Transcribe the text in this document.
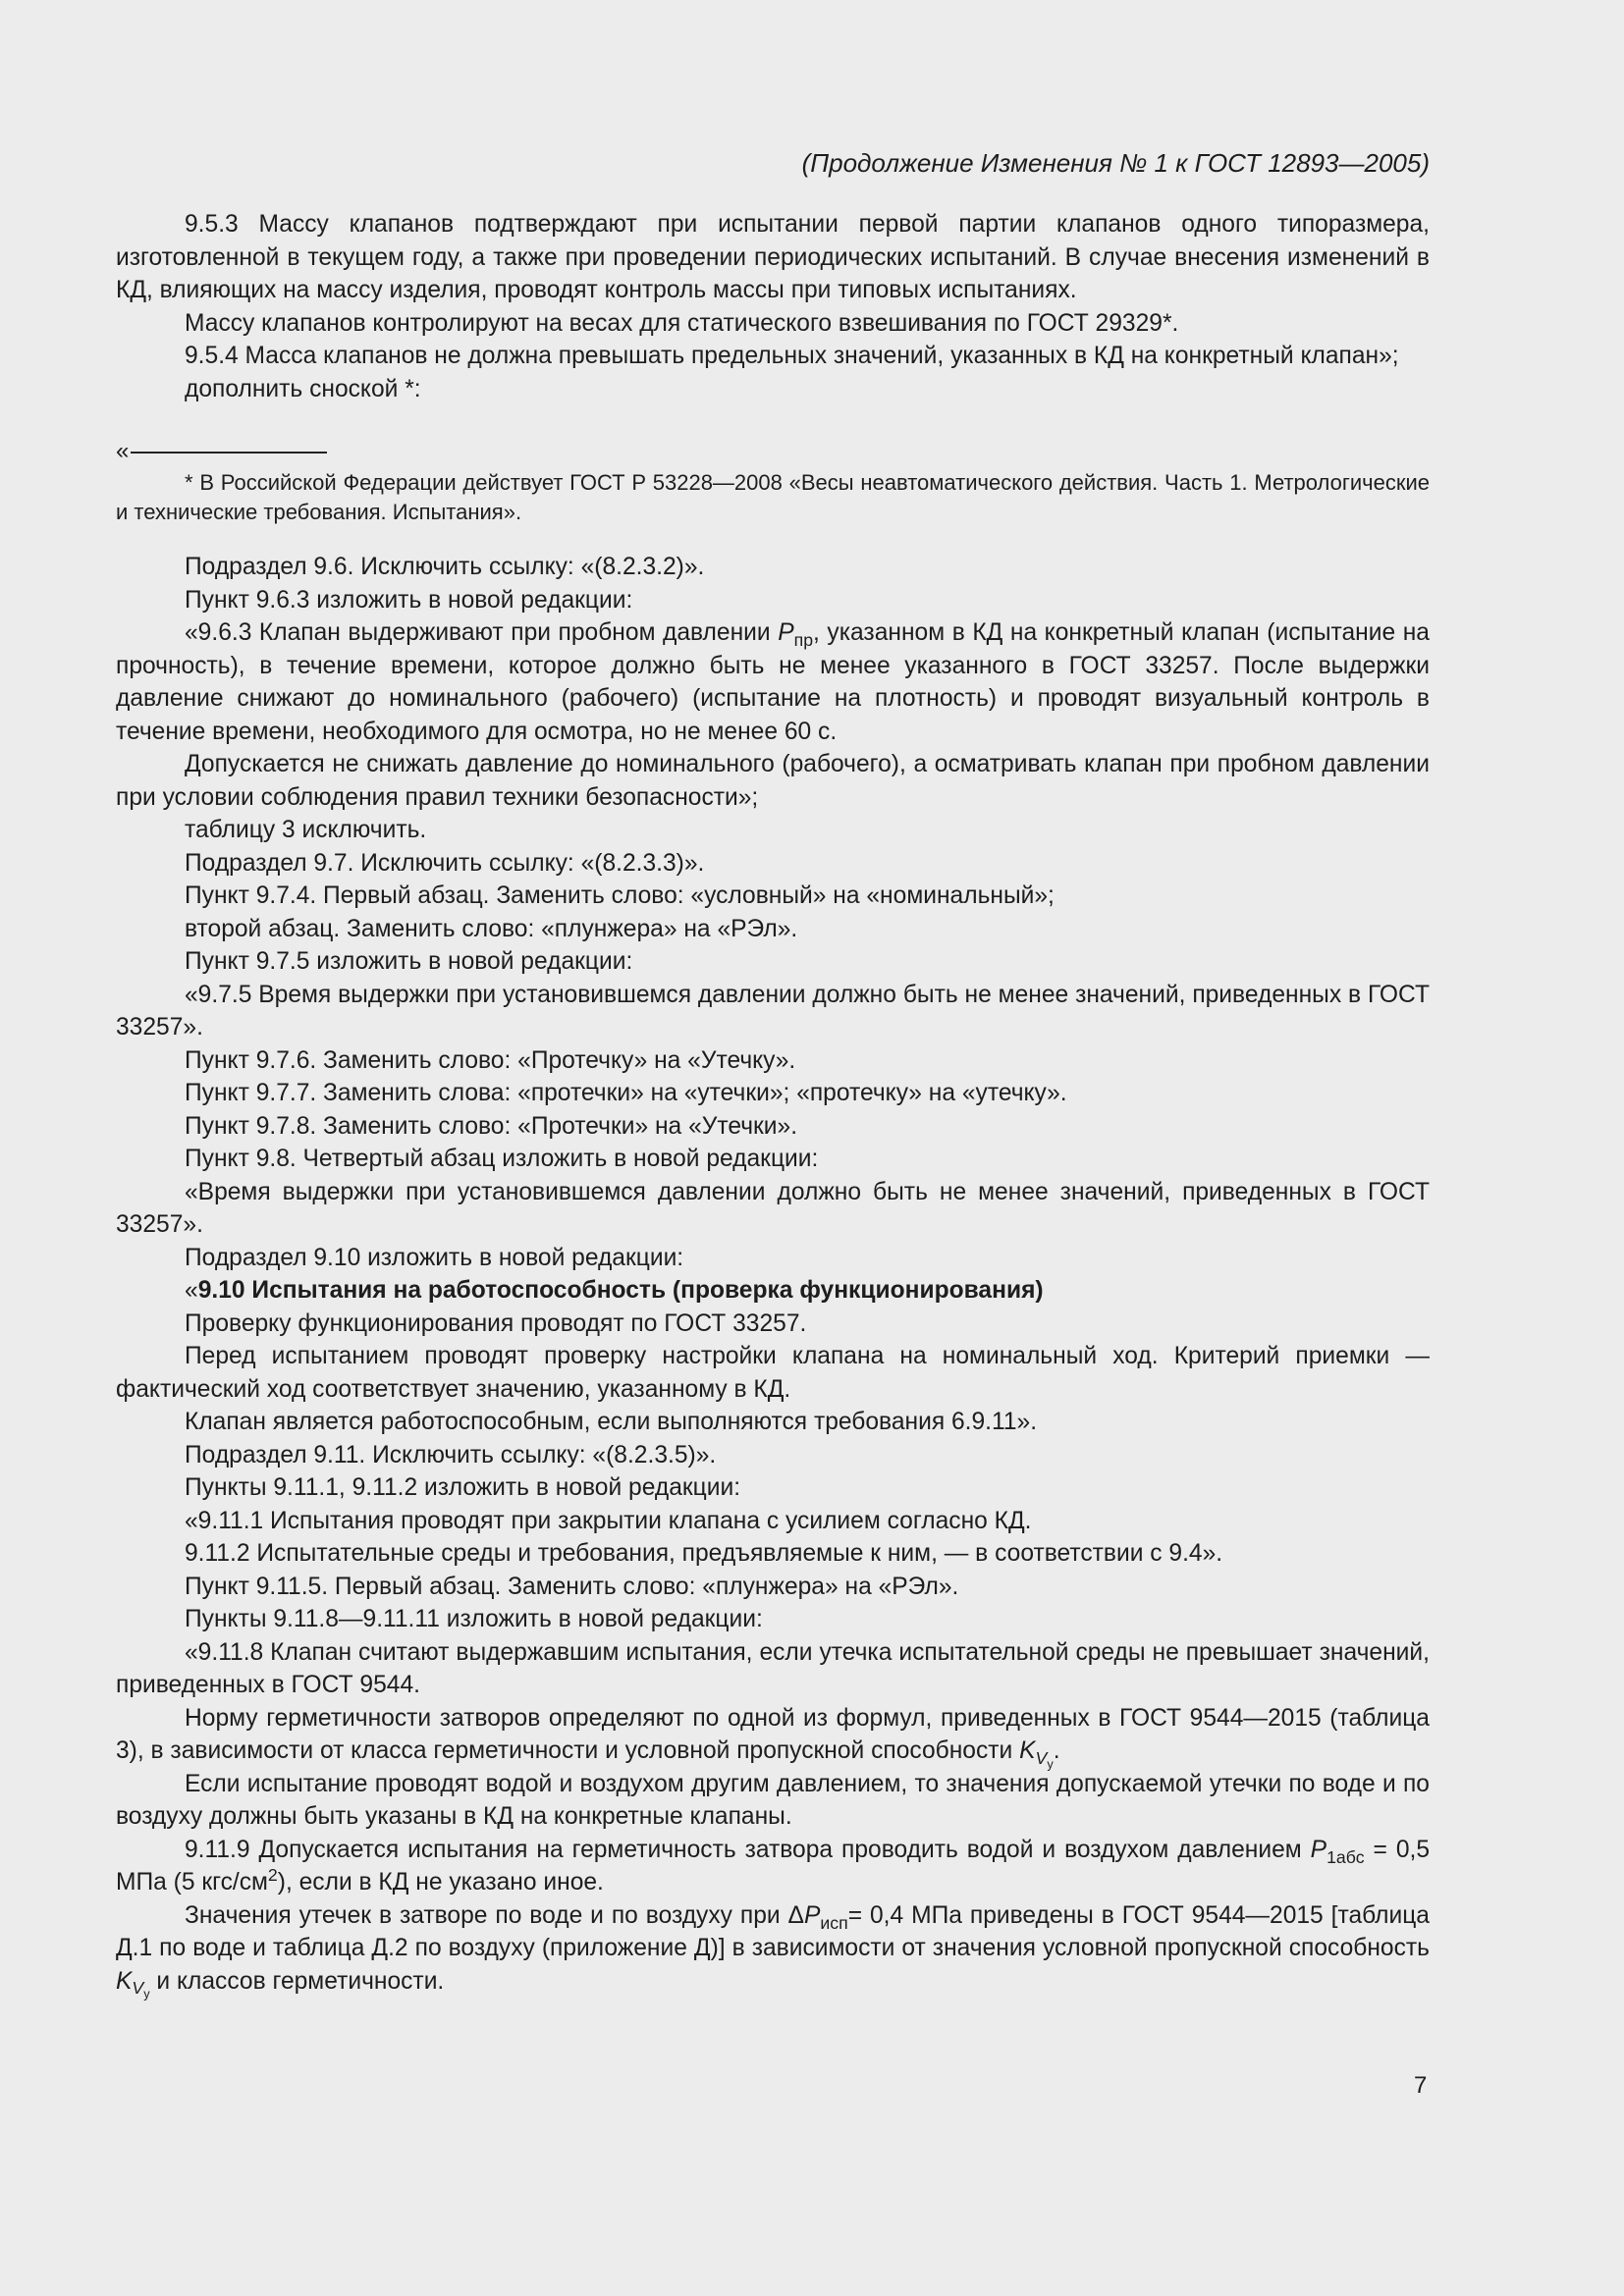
(Продолжение Изменения № 1 к ГОСТ 12893—2005)

9.5.3 Массу клапанов подтверждают при испытании первой партии клапанов одного типоразмера, изготовленной в текущем году, а также при проведении периодических испытаний. В случае внесения изменений в КД, влияющих на массу изделия, проводят контроль массы при типовых испытаниях.

Массу клапанов контролируют на весах для статического взвешивания по ГОСТ 29329*.

9.5.4 Масса клапанов не должна превышать предельных значений, указанных в КД на конкретный клапан»;

дополнить сноской *:

«

* В Российской Федерации действует ГОСТ Р 53228—2008 «Весы неавтоматического действия. Часть 1. Метрологические и технические требования. Испытания».

Подраздел 9.6. Исключить ссылку: «(8.2.3.2)».

Пункт 9.6.3 изложить в новой редакции:

«9.6.3 Клапан выдерживают при пробном давлении $P_{пр}$, указанном в КД на конкретный клапан (испытание на прочность), в течение времени, которое должно быть не менее указанного в ГОСТ 33257. После выдержки давление снижают до номинального (рабочего) (испытание на плотность) и проводят визуальный контроль в течение времени, необходимого для осмотра, но не менее 60 с.

Допускается не снижать давление до номинального (рабочего), а осматривать клапан при пробном давлении при условии соблюдения правил техники безопасности»;

таблицу 3 исключить.

Подраздел 9.7. Исключить ссылку: «(8.2.3.3)».

Пункт 9.7.4. Первый абзац. Заменить слово: «условный» на «номинальный»;

второй абзац. Заменить слово: «плунжера» на «РЭл».

Пункт 9.7.5 изложить в новой редакции:

«9.7.5 Время выдержки при установившемся давлении должно быть не менее значений, приведенных в ГОСТ 33257».

Пункт 9.7.6. Заменить слово: «Протечку» на «Утечку».

Пункт 9.7.7. Заменить слова: «протечки» на «утечки»; «протечку» на «утечку».

Пункт 9.7.8. Заменить слово: «Протечки» на «Утечки».

Пункт 9.8. Четвертый абзац изложить в новой редакции:

«Время выдержки при установившемся давлении должно быть не менее значений, приведенных в ГОСТ 33257».

Подраздел 9.10 изложить в новой редакции:

«9.10 Испытания на работоспособность (проверка функционирования)

Проверку функционирования проводят по ГОСТ 33257.

Перед испытанием проводят проверку настройки клапана на номинальный ход. Критерий приемки — фактический ход соответствует значению, указанному в КД.

Клапан является работоспособным, если выполняются требования 6.9.11».

Подраздел 9.11. Исключить ссылку: «(8.2.3.5)».

Пункты 9.11.1, 9.11.2 изложить в новой редакции:

«9.11.1 Испытания проводят при закрытии клапана с усилием согласно КД.

9.11.2 Испытательные среды и требования, предъявляемые к ним, — в соответствии с 9.4».

Пункт 9.11.5. Первый абзац. Заменить слово: «плунжера» на «РЭл».

Пункты 9.11.8—9.11.11 изложить в новой редакции:

«9.11.8 Клапан считают выдержавшим испытания, если утечка испытательной среды не превышает значений, приведенных в ГОСТ 9544.

Норму герметичности затворов определяют по одной из формул, приведенных в ГОСТ 9544—2015 (таблица 3), в зависимости от класса герметичности и условной пропускной способности $K_{V_у}$.

Если испытание проводят водой и воздухом другим давлением, то значения допускаемой утечки по воде и по воздуху должны быть указаны в КД на конкретные клапаны.

9.11.9 Допускается испытания на герметичность затвора проводить водой и воздухом давлением $P_{1абс} = 0,5$ МПа (5 кгс/$см^2$), если в КД не указано иное.

Значения утечек в затворе по воде и по воздуху при $\Delta P_{исп}= 0,4$ МПа приведены в ГОСТ 9544—2015 [таблица Д.1 по воде и таблица Д.2 по воздуху (приложение Д)] в зависимости от значения условной пропускной способность $K_{V_у}$ и классов герметичности.

7
